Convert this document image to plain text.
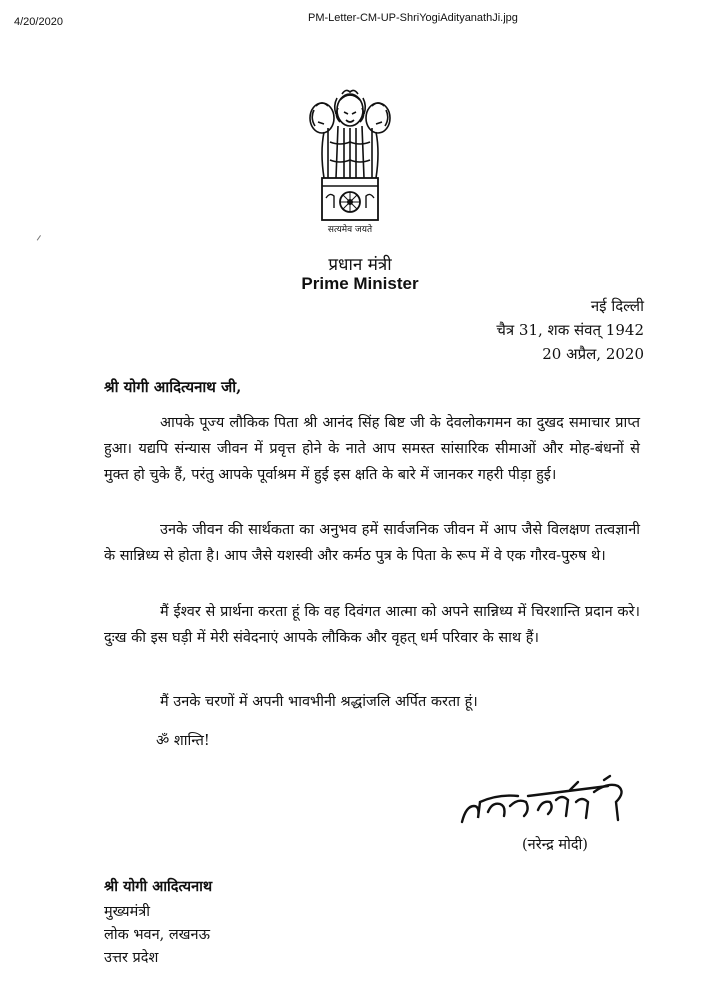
4/20/2020	PM-Letter-CM-UP-ShriYogiAdityanathJi.jpg
सत्यमेव जयते
प्रधान मंत्री
Prime Minister
नई दिल्ली
चैत्र 31, शक संवत् 1942
20 अप्रैल, 2020
श्री योगी आदित्यनाथ जी,

आपके पूज्य लौकिक पिता श्री आनंद सिंह बिष्ट जी के देवलोकगमन का दुखद समाचार प्राप्त हुआ। यद्यपि संन्यास जीवन में प्रवृत्त होने के नाते आप समस्त सांसारिक सीमाओं और मोह-बंधनों से मुक्त हो चुके हैं, परंतु आपके पूर्वाश्रम में हुई इस क्षति के बारे में जानकर गहरी पीड़ा हुई।

उनके जीवन की सार्थकता का अनुभव हमें सार्वजनिक जीवन में आप जैसे विलक्षण तत्वज्ञानी के सान्निध्य से होता है। आप जैसे यशस्वी और कर्मठ पुत्र के पिता के रूप में वे एक गौरव-पुरुष थे।

मैं ईश्वर से प्रार्थना करता हूं कि वह दिवंगत आत्मा को अपने सान्निध्य में चिरशान्ति प्रदान करे। दुःख की इस घड़ी में मेरी संवेदनाएं आपके लौकिक और वृहत् धर्म परिवार के साथ हैं।

मैं उनके चरणों में अपनी भावभीनी श्रद्धांजलि अर्पित करता हूं।

ॐ शान्ति!

(नरेन्द्र मोदी)
श्री योगी आदित्यनाथ
मुख्यमंत्री
लोक भवन, लखनऊ
उत्तर प्रदेश
